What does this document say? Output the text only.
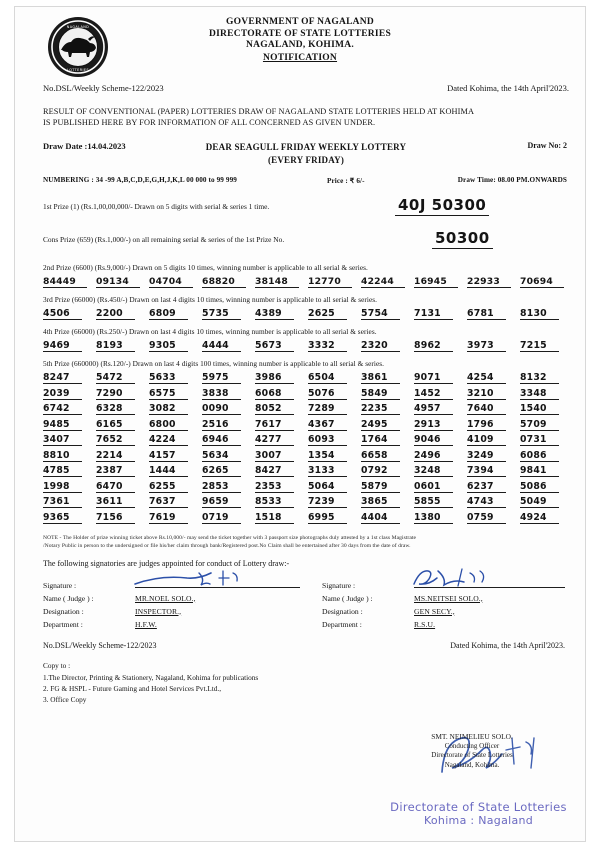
NAGALAND
LOTTERIES
GOVERNMENT OF NAGALAND
DIRECTORATE OF STATE LOTTERIES
NAGALAND, KOHIMA.
NOTIFICATION
No.DSL/Weekly Scheme-122/2023	Dated Kohima, the 14th April'2023.
RESULT OF CONVENTIONAL (PAPER) LOTTERIES DRAW OF NAGALAND STATE LOTTERIES HELD AT KOHIMA
IS PUBLISHED HERE BY FOR INFORMATION OF ALL CONCERNED AS GIVEN UNDER.
Draw Date :14.04.2023	DEAR SEAGULL FRIDAY WEEKLY LOTTERY
(EVERY FRIDAY)
Draw No: 2
NUMBERING : 34 -99 A,B,C,D,E,G,H,J,K,L 00 000 to 99 999	Price : ₹ 6/-	Draw Time: 08.00 PM.ONWARDS
1st Prize (1) (Rs.1,00,00,000/- Drawn on 5 digits with serial & series 1 time.	40J 50300
Cons Prize (659) (Rs.1,000/-) on all remaining serial & series of the 1st Prize No.	50300
2nd Prize (6600) (Rs.9,000/-) Drawn on 5 digits 10 times, winning number is applicable to all serial & series.
84449	09134	04704	68820	38148	12770	42244	16945	22933	70694
3rd Prize (66000) (Rs.450/-) Drawn on last 4 digits 10 times, winning number is applicable to all serial & series.
4506	2200	6809	5735	4389	2625	5754	7131	6781	8130
4th Prize (66000) (Rs.250/-) Drawn on last 4 digits 10 times, winning number is applicable to all serial & series.
9469	8193	9305	4444	5673	3332	2320	8962	3973	7215
5th Prize (660000) (Rs.120/-) Drawn on last 4 digits 100 times, winning number is applicable to all serial & series.
8247	5472	5633	5975	3986	6504	3861	9071	4254	8132
2039	7290	6575	3838	6068	5076	5849	1452	3210	3348
6742	6328	3082	0090	8052	7289	2235	4957	7640	1540
9485	6165	6800	2516	7617	4367	2495	2913	1796	5709
3407	7652	4224	6946	4277	6093	1764	9046	4109	0731
8810	2214	4157	5634	3007	1354	6658	2496	3249	6086
4785	2387	1444	6265	8427	3133	0792	3248	7394	9841
1998	6470	6255	2853	2353	5064	5879	0601	6237	5086
7361	3611	7637	9659	8533	7239	3865	5855	4743	5049
9365	7156	7619	0719	1518	6995	4404	1380	0759	4924
NOTE - The Holder of prize winning ticket above Rs.10,000/- may send the ticket together with 3 passport size photographs duly attested by a 1st class Magistrate
/Notary Public in person to the undersigned or file his/her claim through bank/Registered post.No Claim shall be entertained after 30 days from the date of draw.
The following signatories are judges appointed for conduct of Lottery draw:-
Signature :
Name ( Judge ) :	MR.NOEL SOLO.,
Designation :	INSPECTOR.,
Department :	H.F.W.
Signature :
Name ( Judge ) :	MS.NEITSEI SOLO.,
Designation :	GEN SECY.,
Department :	R.S.U.
No.DSL/Weekly Scheme-122/2023	Dated Kohima, the 14th April'2023.
Copy to :
1.The Director, Printing & Stationery, Nagaland, Kohima for publications
2. FG & HSPL - Future Gaming and Hotel Services Pvt.Ltd.,
3. Office Copy
SMT. NEIMELIEU SOLO.
Conducting Officer
Directorate of State Lotteries
Nagaland, Kohima.
Directorate of State Lotteries
Kohima : Nagaland
